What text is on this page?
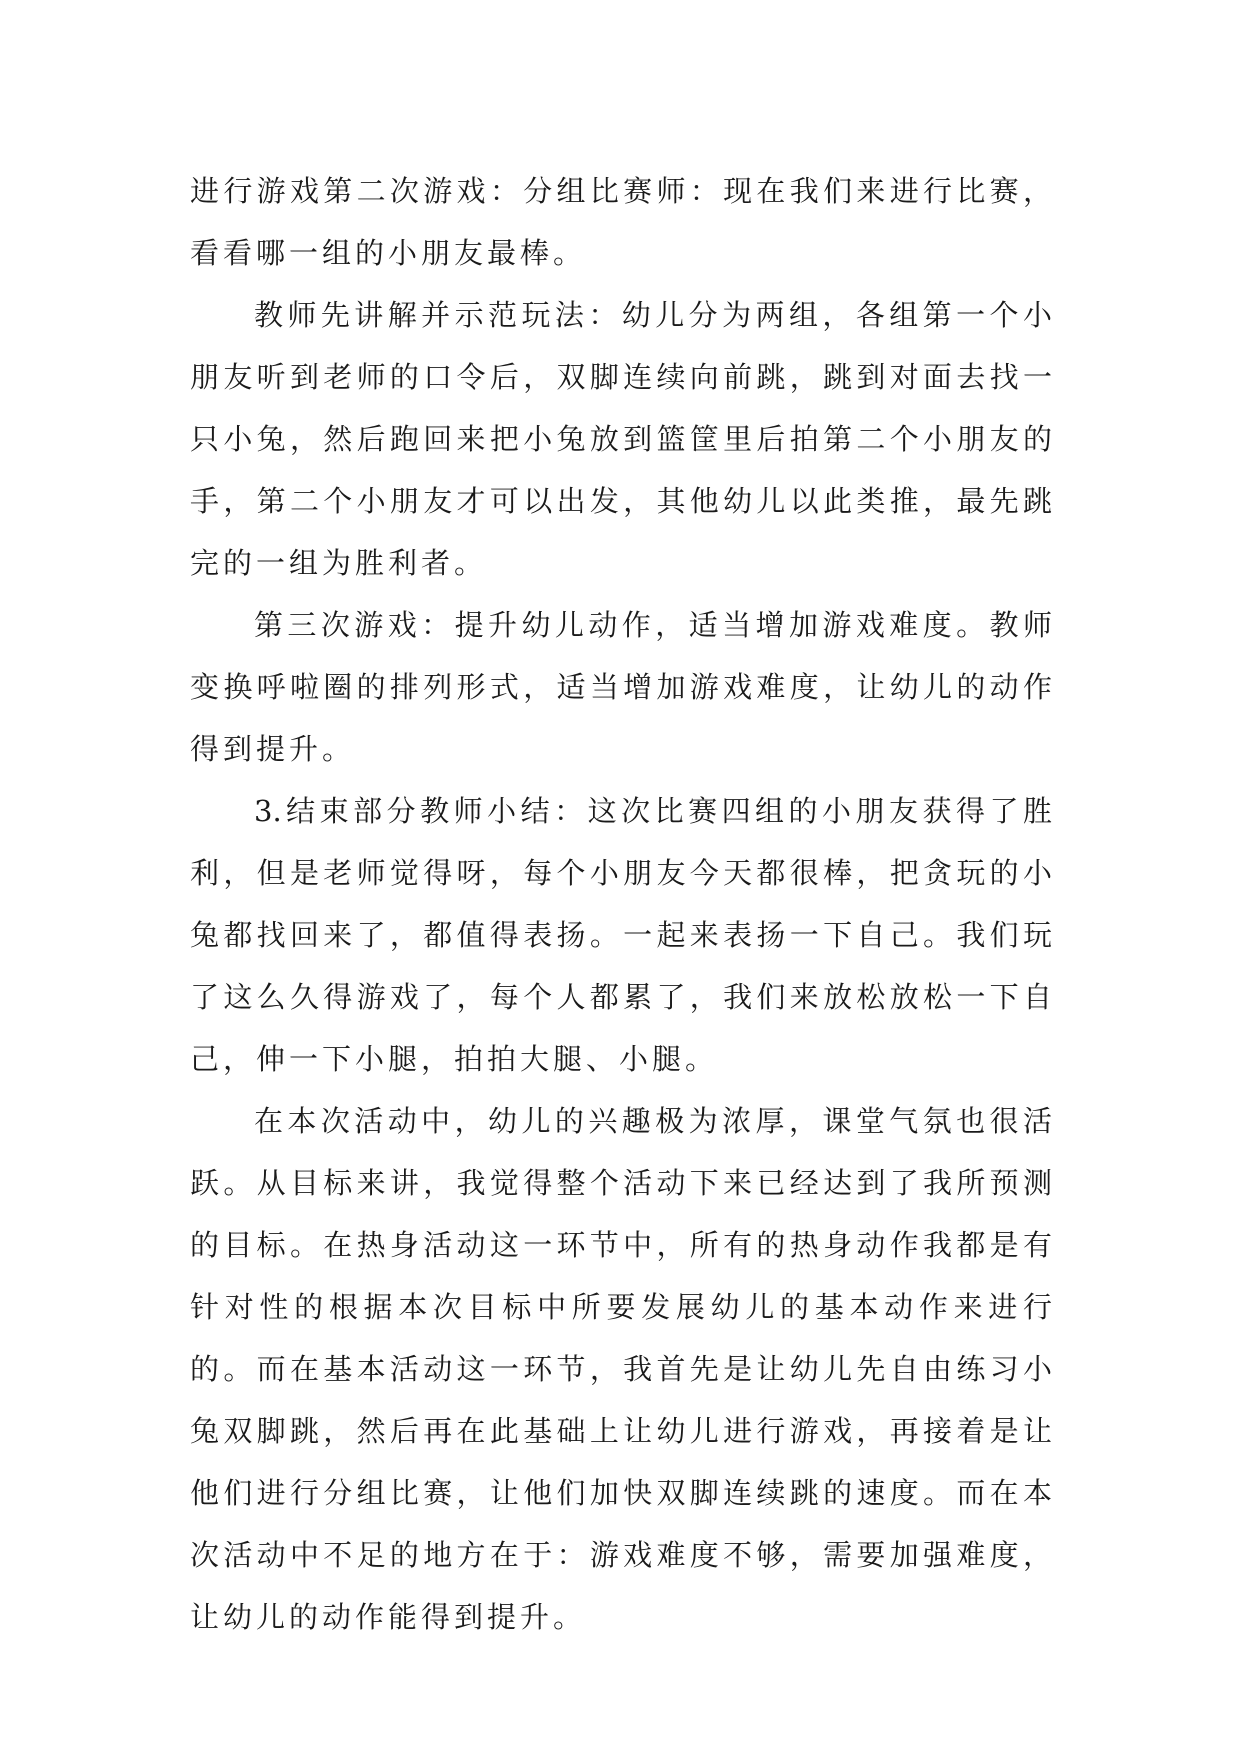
进行游戏第二次游戏：分组比赛师：现在我们来进行比赛，
看看哪一组的小朋友最棒。

教师先讲解并示范玩法：幼儿分为两组，各组第一个小
朋友听到老师的口令后，双脚连续向前跳，跳到对面去找一
只小兔，然后跑回来把小兔放到篮筐里后拍第二个小朋友的
手，第二个小朋友才可以出发，其他幼儿以此类推，最先跳
完的一组为胜利者。

第三次游戏：提升幼儿动作，适当增加游戏难度。教师
变换呼啦圈的排列形式，适当增加游戏难度，让幼儿的动作
得到提升。

3.结束部分教师小结：这次比赛四组的小朋友获得了胜
利，但是老师觉得呀，每个小朋友今天都很棒，把贪玩的小
兔都找回来了，都值得表扬。一起来表扬一下自己。我们玩
了这么久得游戏了，每个人都累了，我们来放松放松一下自
己，伸一下小腿，拍拍大腿、小腿。

在本次活动中，幼儿的兴趣极为浓厚，课堂气氛也很活
跃。从目标来讲，我觉得整个活动下来已经达到了我所预测
的目标。在热身活动这一环节中，所有的热身动作我都是有
针对性的根据本次目标中所要发展幼儿的基本动作来进行
的。而在基本活动这一环节，我首先是让幼儿先自由练习小
兔双脚跳，然后再在此基础上让幼儿进行游戏，再接着是让
他们进行分组比赛，让他们加快双脚连续跳的速度。而在本
次活动中不足的地方在于：游戏难度不够，需要加强难度，
让幼儿的动作能得到提升。
